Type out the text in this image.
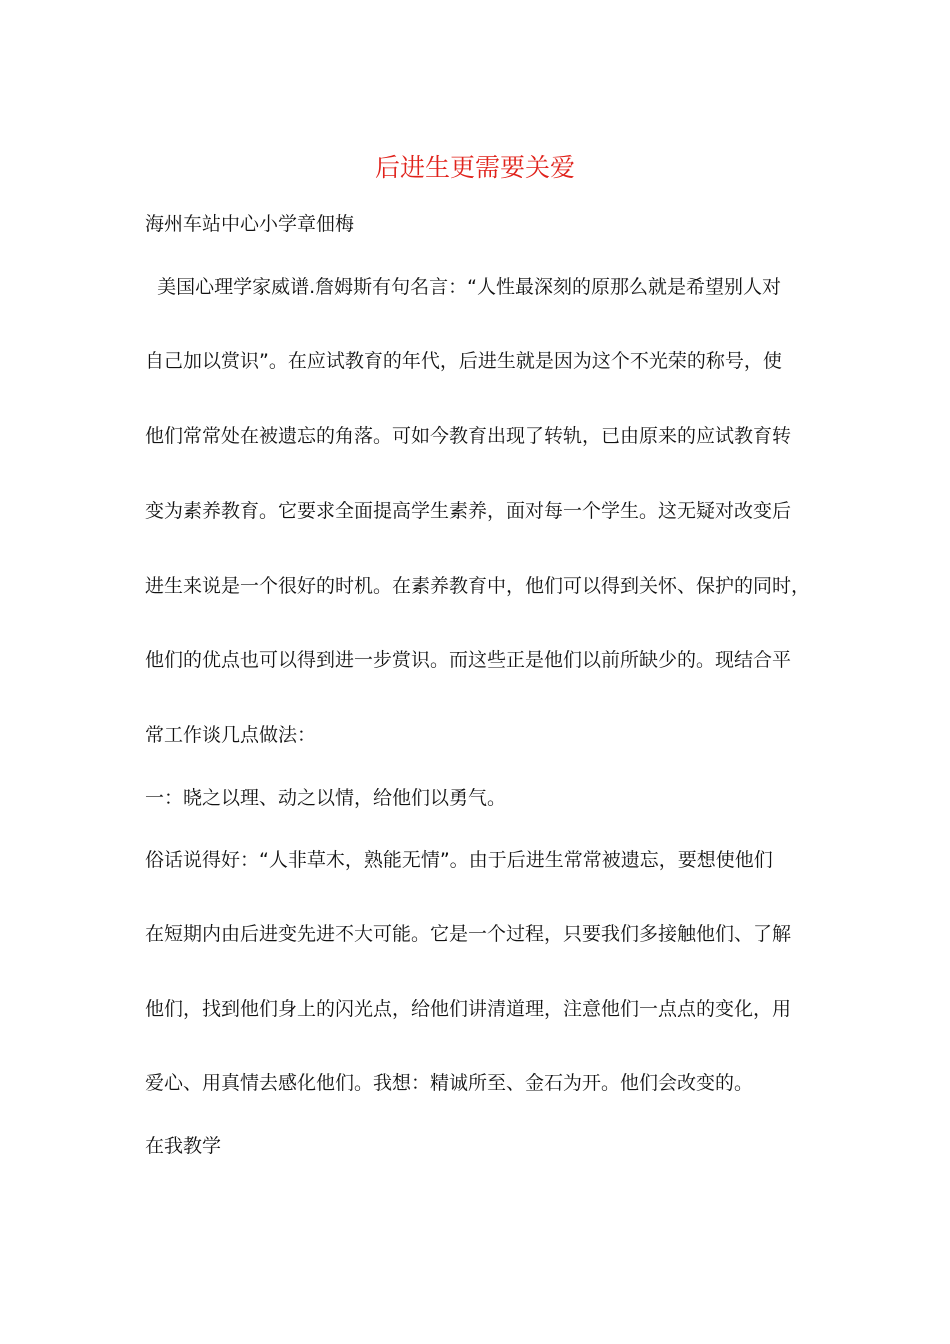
后进生更需要关爱
海州车站中心小学章佃梅
美国心理学家威谱.詹姆斯有句名言：“人性最深刻的原那么就是希望别人对
自己加以赏识”。在应试教育的年代，后进生就是因为这个不光荣的称号，使
他们常常处在被遗忘的角落。可如今教育出现了转轨，已由原来的应试教育转
变为素养教育。它要求全面提高学生素养，面对每一个学生。这无疑对改变后
进生来说是一个很好的时机。在素养教育中，他们可以得到关怀、保护的同时，
他们的优点也可以得到进一步赏识。而这些正是他们以前所缺少的。现结合平
常工作谈几点做法：
一：晓之以理、动之以情，给他们以勇气。
俗话说得好：“人非草木，熟能无情”。由于后进生常常被遗忘，要想使他们
在短期内由后进变先进不大可能。它是一个过程，只要我们多接触他们、了解
他们，找到他们身上的闪光点，给他们讲清道理，注意他们一点点的变化，用
爱心、用真情去感化他们。我想：精诚所至、金石为开。他们会改变的。
在我教学
